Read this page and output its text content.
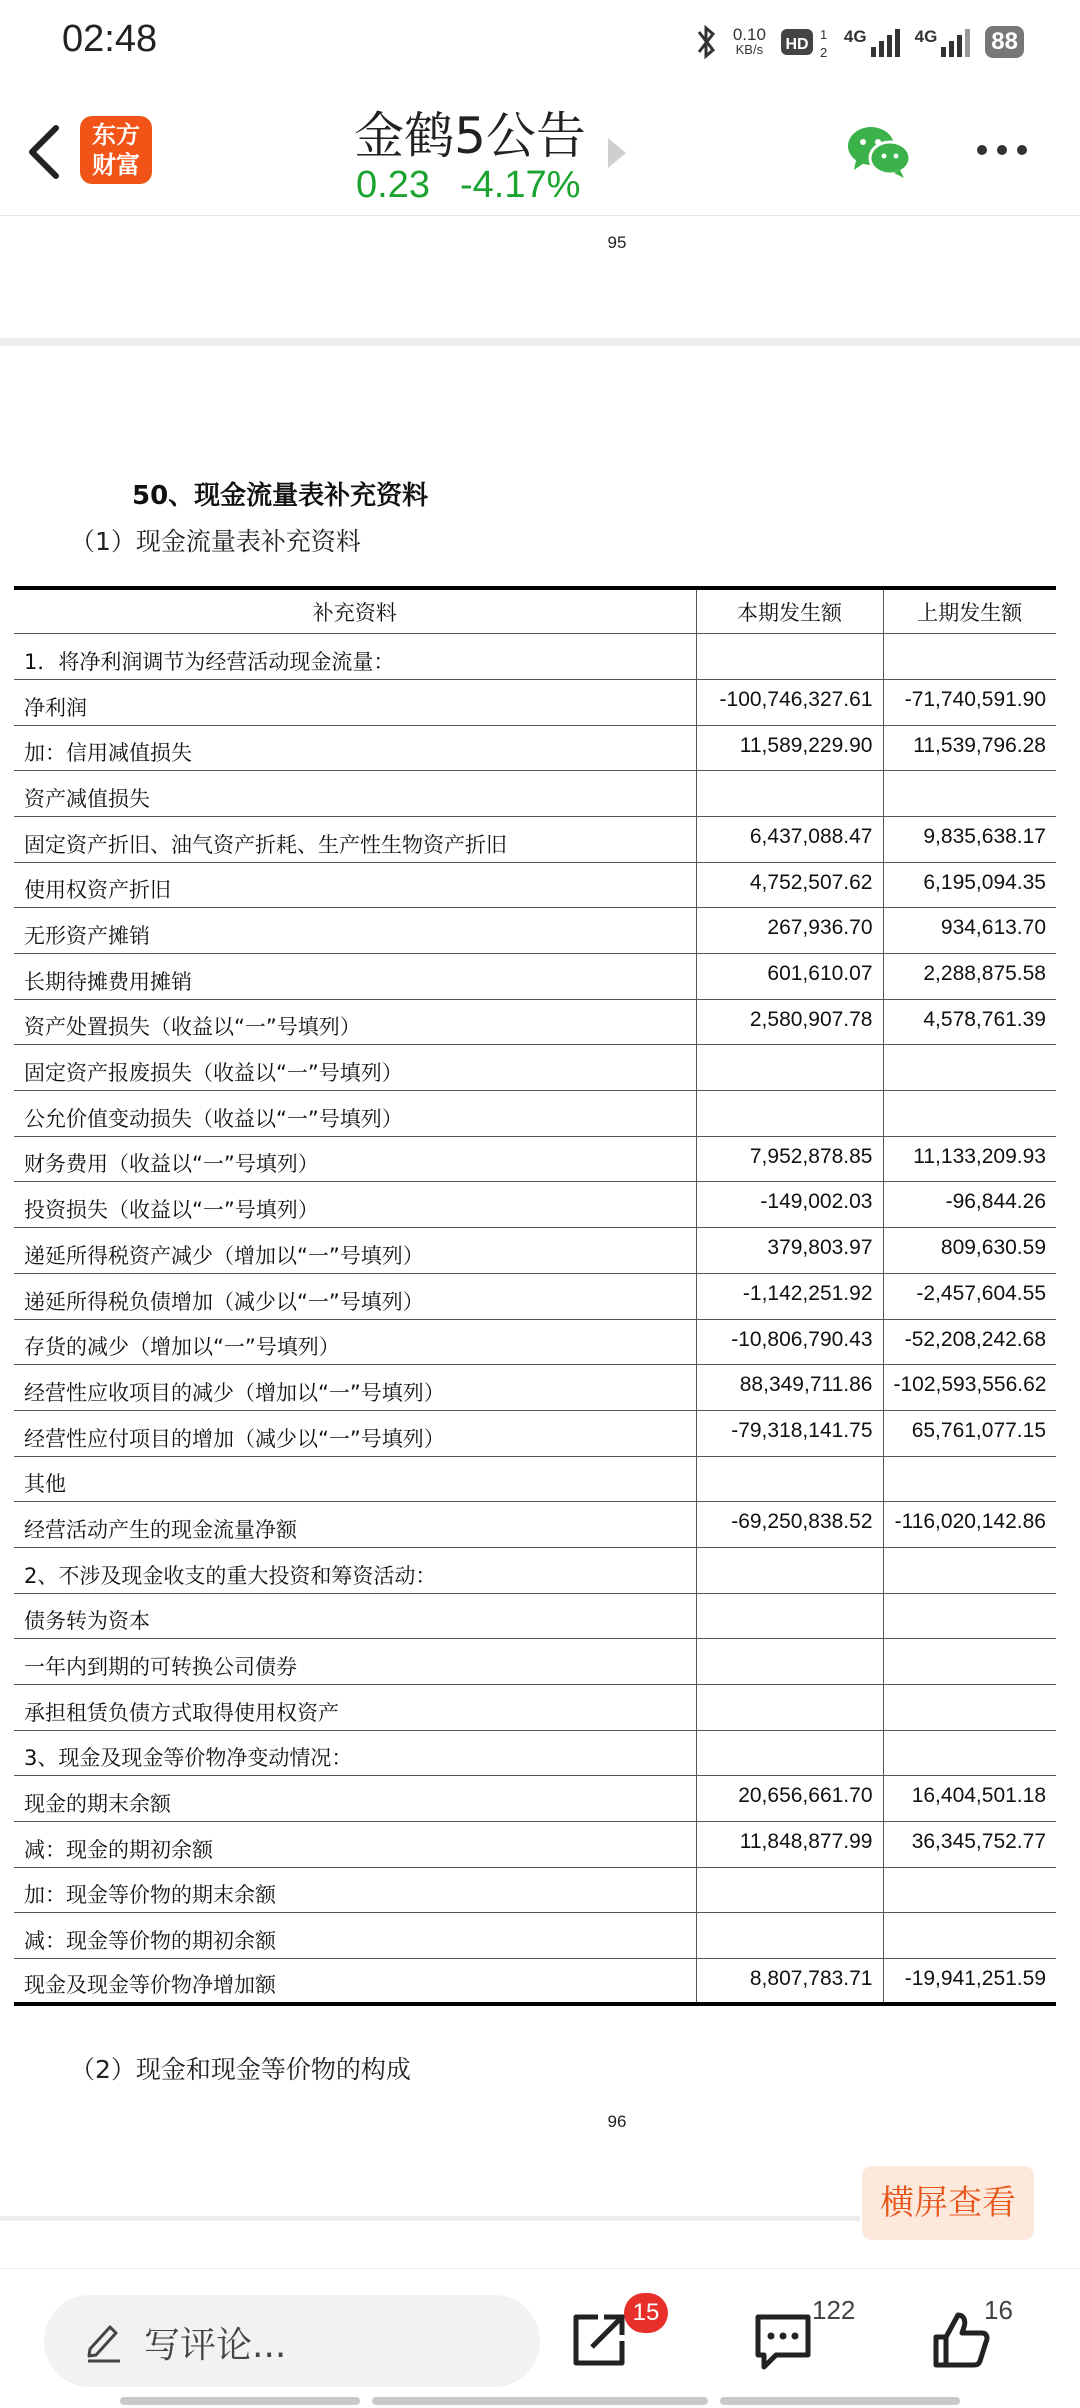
02:48	0.10
KB/s HD
1
2
4G	4G 88
东方
财富	金鹤5公告
0.23 -4.17%
95
50、现金流量表补充资料
（1）现金流量表补充资料
补充资料	本期发生额	上期发生额
1．将净利润调节为经营活动现金流量：		
净利润	-100,746,327.61	-71,740,591.90
加：信用减值损失	11,589,229.90	11,539,796.28
资产减值损失		
固定资产折旧、油气资产折耗、生产性生物资产折旧	6,437,088.47	9,835,638.17
使用权资产折旧	4,752,507.62	6,195,094.35
无形资产摊销	267,936.70	934,613.70
长期待摊费用摊销	601,610.07	2,288,875.58
资产处置损失（收益以“一”号填列）	2,580,907.78	4,578,761.39
固定资产报废损失（收益以“一”号填列）		
公允价值变动损失（收益以“一”号填列）		
财务费用（收益以“一”号填列）	7,952,878.85	11,133,209.93
投资损失（收益以“一”号填列）	-149,002.03	-96,844.26
递延所得税资产减少（增加以“一”号填列）	379,803.97	809,630.59
递延所得税负债增加（减少以“一”号填列）	-1,142,251.92	-2,457,604.55
存货的减少（增加以“一”号填列）	-10,806,790.43	-52,208,242.68
经营性应收项目的减少（增加以“一”号填列）	88,349,711.86	-102,593,556.62
经营性应付项目的增加（减少以“一”号填列）	-79,318,141.75	65,761,077.15
其他		
经营活动产生的现金流量净额	-69,250,838.52	-116,020,142.86
2、不涉及现金收支的重大投资和筹资活动：		
债务转为资本		
一年内到期的可转换公司债券		
承担租赁负债方式取得使用权资产		
3、现金及现金等价物净变动情况：		
现金的期末余额	20,656,661.70	16,404,501.18
减：现金的期初余额	11,848,877.99	36,345,752.77
加：现金等价物的期末余额		
减：现金等价物的期初余额		
现金及现金等价物净增加额	8,807,783.71	-19,941,251.59
（2）现金和现金等价物的构成
96
横屏查看
写评论...
15	122	16
